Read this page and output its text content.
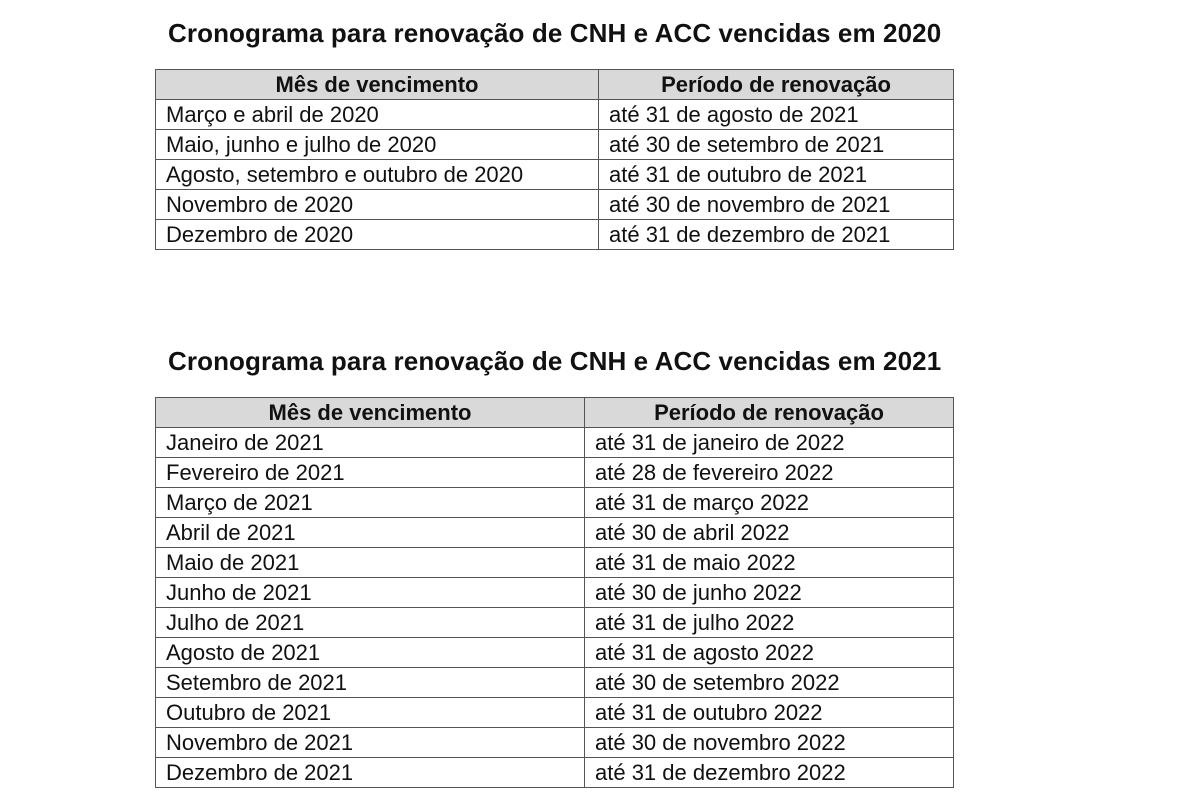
Cronograma para renovação de CNH e ACC vencidas em 2020
Mês de vencimento	Período de renovação
Março e abril de 2020	até 31 de agosto de 2021
Maio, junho e julho de 2020	até 30 de setembro de 2021
Agosto, setembro e outubro de 2020	até 31 de outubro de 2021
Novembro de 2020	até 30 de novembro de 2021
Dezembro de 2020	até 31 de dezembro de 2021
Cronograma para renovação de CNH e ACC vencidas em 2021
Mês de vencimento	Período de renovação
Janeiro de 2021	até 31 de janeiro de 2022
Fevereiro de 2021	até 28 de fevereiro 2022
Março de 2021	até 31 de março 2022
Abril de 2021	até 30 de abril 2022
Maio de 2021	até 31 de maio 2022
Junho de 2021	até 30 de junho 2022
Julho de 2021	até 31 de julho 2022
Agosto de 2021	até 31 de agosto 2022
Setembro de 2021	até 30 de setembro 2022
Outubro de 2021	até 31 de outubro 2022
Novembro de 2021	até 30 de novembro 2022
Dezembro de 2021	até 31 de dezembro 2022
